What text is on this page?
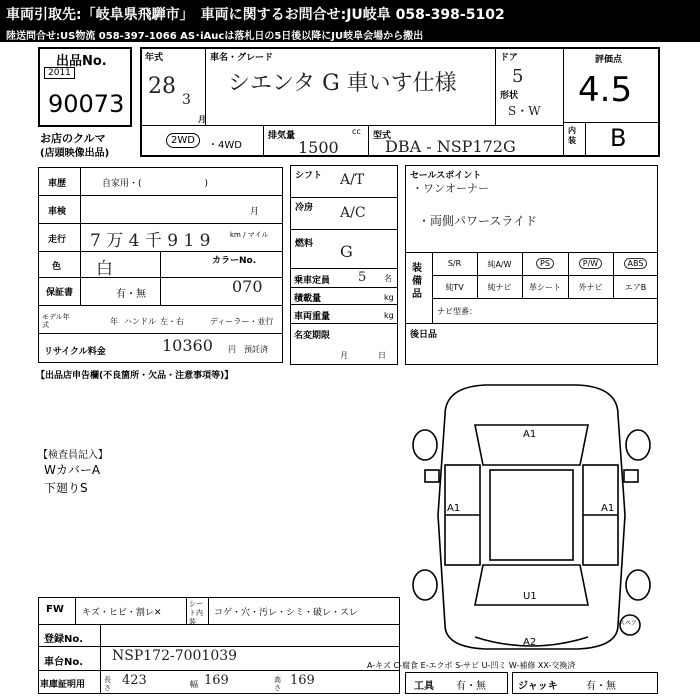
車両引取先:「岐阜県飛騨市」　車両に関するお問合せ:JU岐阜 058-398-5102
陸送問合せ:US物流 058-397-1066 AS･iAucは落札日の5日後以降にJU岐阜会場から搬出
出品No.
2011
90073
お店のクルマ
(店頭映像出品)
年式
28
3
月
車名・グレード
シエンタ G 車いす仕様
ドア
5
形状
S・W
評価点
4.5
内装 B
2WD	・4WD
排気量	cc
1500
型式
DBA - NSP172G
車歴	自家用・(　　　　　　　)
車検	月
走行 7 万 4 千 9 1 9	km / マイル
色 白	カラーNo.
070
保証書	有・無
モデル年式	年 ハンドル 左・右	ディーラー・並行
リサイクル料金	10360 円 預託済
【出品店申告欄(不良箇所・欠品・注意事項等)】
【検査員記入】
WカバーA
下廻りS
シフト A/T
冷房 A/C
燃料 G
乗車定員 5 名
積載量	kg
車両重量	kg
名変期限
月	日
セールスポイント
・ワンオーナー
・両側パワースライド
装備品
S/R	純A/W	PS	P/W	ABS
純TV	純ナビ	革シート	外ナビ	エアB
ナビ型番：
後日品
A1
A1	A1
U1
A2
スペア
FW キズ・ヒビ・割レ✕
シート内装
コゲ・穴・汚レ・シミ・破レ・スレ
登録No.
車台No. NSP172-7001039
車庫証明用	長さ 423	幅 169	高さ 169
A-キズ C-腐食 E-エクボ S-サビ U-凹ミ W-補修 XX-交換済
工具 有・無	ジャッキ	有・無
